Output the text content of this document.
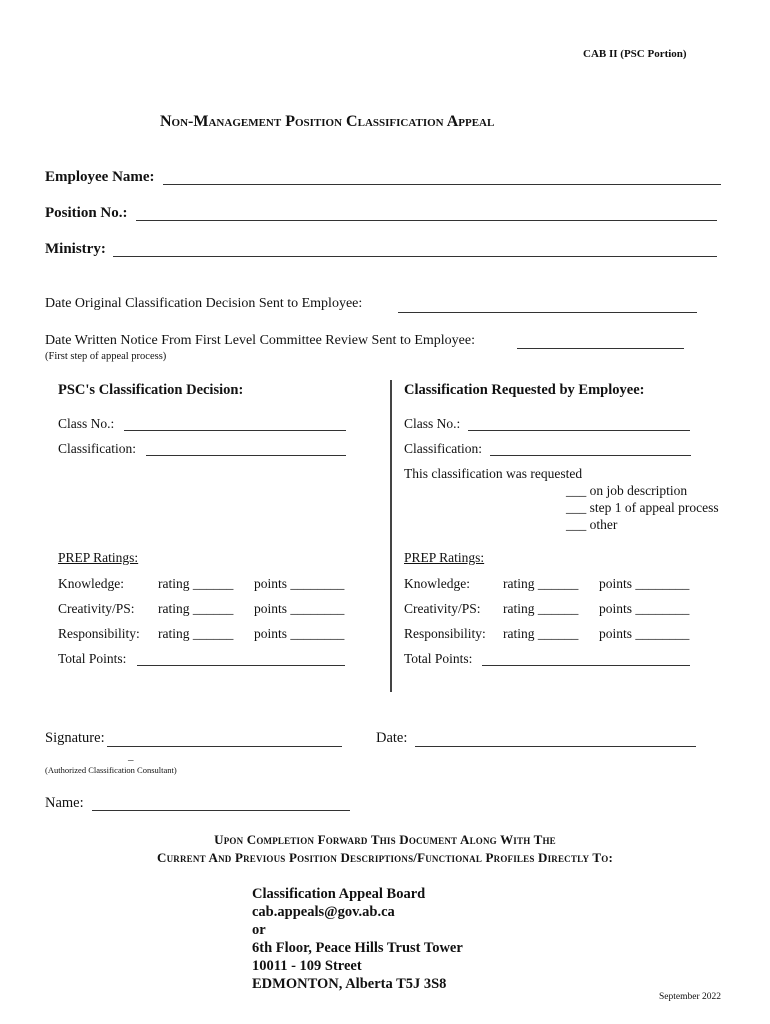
CAB II (PSC Portion)
Non-Management Position Classification Appeal
Employee Name:
Position No.:
Ministry:
Date Original Classification Decision Sent to Employee:
Date Written Notice From First Level Committee Review Sent to Employee:
(First step of appeal process)
PSC's Classification Decision:
Class No.:
Classification:
PREP Ratings:
Knowledge:	rating ______ points ________
Creativity/PS: rating ______ points ________
Responsibility: rating ______ points ________
Total Points:
Classification Requested by Employee:
Class No.:
Classification:
This classification was requested
___ on job description
___ step 1 of appeal process
___ other
PREP Ratings:
Knowledge: rating ______ points ________
Creativity/PS: rating ______ points ________
Responsibility: rating ______ points ________
Total Points:
Signature:
_
Date:
(Authorized Classification Consultant)
Name:
Upon Completion Forward This Document Along With The
Current And Previous Position Descriptions/Functional Profiles Directly To:
Classification Appeal Board
cab.appeals@gov.ab.ca
or
6th Floor, Peace Hills Trust Tower
10011 - 109 Street
EDMONTON, Alberta T5J 3S8
September 2022
